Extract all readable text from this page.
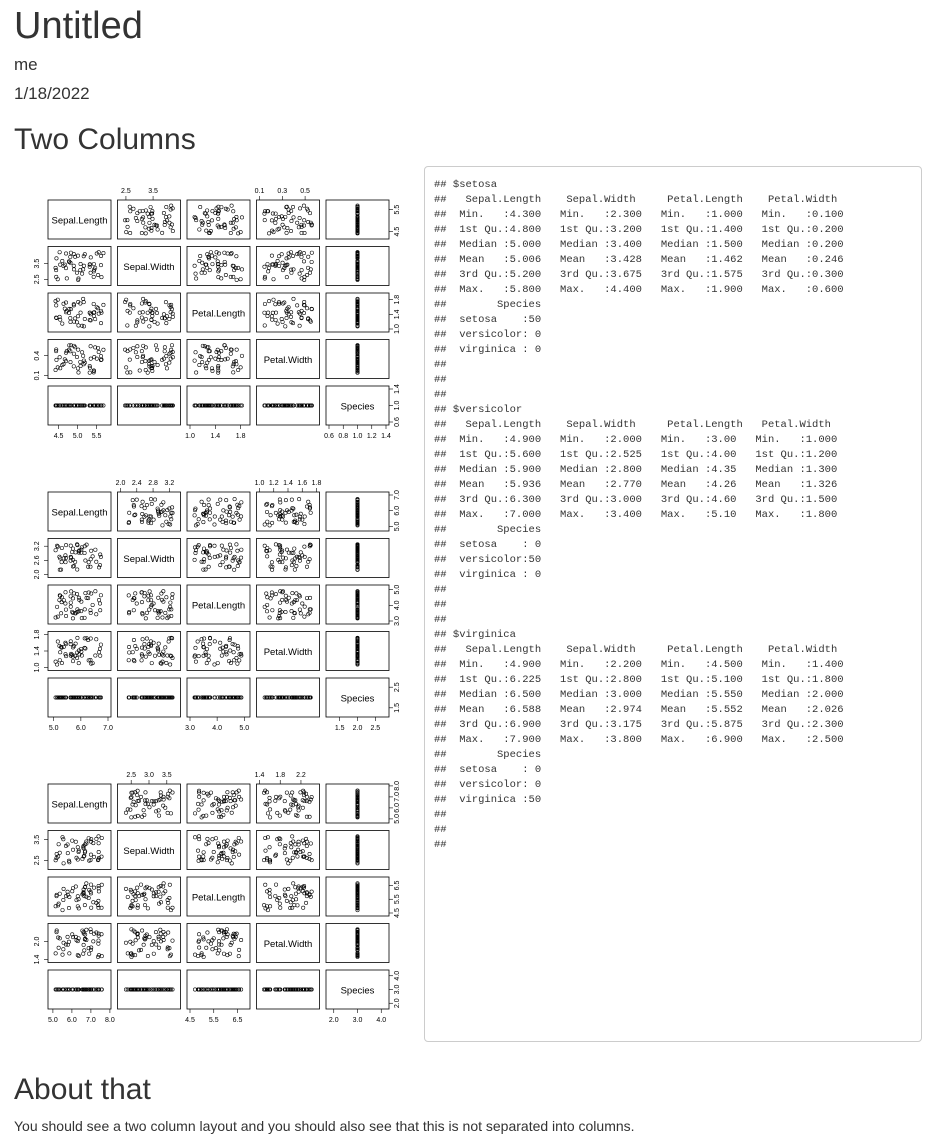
Untitled
me
1/18/2022
Two Columns
Sepal.Length
Sepal.Width
Petal.Length
Petal.Width
Species
2.5 3.5	0.1 0.3 0.5
4.5 5.0 5.5	1.0 1.4 1.8	0.6 0.8 1.0 1.2 1.4
2.5
3.5
0.1
0.4
4.5
5.5
1.0
1.4
1.8
0.6
1.0
1.4
Sepal.Length
Sepal.Width
Petal.Length
Petal.Width
Species
2.0 2.4 2.8 3.2	1.0 1.2 1.4 1.6 1.8
5.0 6.0 7.0	3.0 4.0 5.0	1.5 2.0 2.5
2.0
2.6
3.2
1.0
1.4
1.8
5.0
6.0
7.0
3.0
4.0
5.0
1.5
2.5
Sepal.Length
Sepal.Width
Petal.Length
Petal.Width
Species
2.5 3.0 3.5	1.4 1.8 2.2
5.0 6.0 7.0 8.0	4.5 5.5 6.5	2.0 3.0 4.0
2.5
3.5
1.4
2.0
5.0
6.0
7.0
8.0
4.5
5.5
6.5
2.0
3.0
4.0
## $setosa
##   Sepal.Length    Sepal.Width     Petal.Length    Petal.Width
##  Min.   :4.300   Min.   :2.300   Min.   :1.000   Min.   :0.100
##  1st Qu.:4.800   1st Qu.:3.200   1st Qu.:1.400   1st Qu.:0.200
##  Median :5.000   Median :3.400   Median :1.500   Median :0.200
##  Mean   :5.006   Mean   :3.428   Mean   :1.462   Mean   :0.246
##  3rd Qu.:5.200   3rd Qu.:3.675   3rd Qu.:1.575   3rd Qu.:0.300
##  Max.   :5.800   Max.   :4.400   Max.   :1.900   Max.   :0.600
##        Species
##  setosa    :50
##  versicolor: 0
##  virginica : 0
##
##
##
## $versicolor
##   Sepal.Length    Sepal.Width     Petal.Length   Petal.Width
##  Min.   :4.900   Min.   :2.000   Min.   :3.00   Min.   :1.000
##  1st Qu.:5.600   1st Qu.:2.525   1st Qu.:4.00   1st Qu.:1.200
##  Median :5.900   Median :2.800   Median :4.35   Median :1.300
##  Mean   :5.936   Mean   :2.770   Mean   :4.26   Mean   :1.326
##  3rd Qu.:6.300   3rd Qu.:3.000   3rd Qu.:4.60   3rd Qu.:1.500
##  Max.   :7.000   Max.   :3.400   Max.   :5.10   Max.   :1.800
##        Species
##  setosa    : 0
##  versicolor:50
##  virginica : 0
##
##
##
## $virginica
##   Sepal.Length    Sepal.Width     Petal.Length    Petal.Width
##  Min.   :4.900   Min.   :2.200   Min.   :4.500   Min.   :1.400
##  1st Qu.:6.225   1st Qu.:2.800   1st Qu.:5.100   1st Qu.:1.800
##  Median :6.500   Median :3.000   Median :5.550   Median :2.000
##  Mean   :6.588   Mean   :2.974   Mean   :5.552   Mean   :2.026
##  3rd Qu.:6.900   3rd Qu.:3.175   3rd Qu.:5.875   3rd Qu.:2.300
##  Max.   :7.900   Max.   :3.800   Max.   :6.900   Max.   :2.500
##        Species
##  setosa    : 0
##  versicolor: 0
##  virginica :50
##
##
##
About that
You should see a two column layout and you should also see that this is not separated into columns.
